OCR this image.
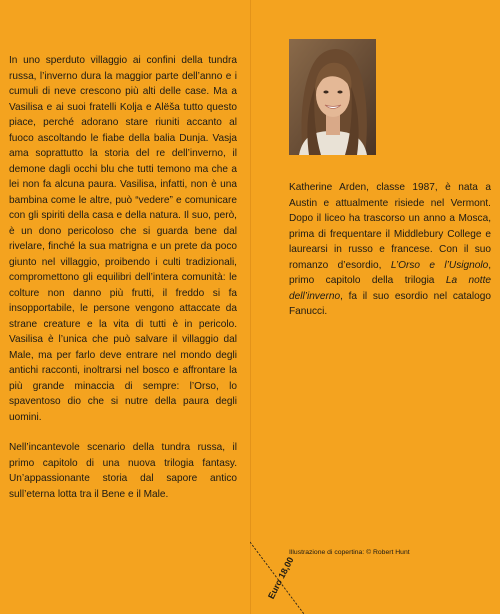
In uno sperduto villaggio ai confini della tundra russa, l’inverno dura la maggior parte dell’anno e i cumuli di neve crescono più alti delle case. Ma a Vasilisa e ai suoi fratelli Kolja e Alëša tutto questo piace, perché adorano stare riuniti accanto al fuoco ascoltando le fiabe della balia Dunja. Vasja ama soprattutto la storia del re dell’inverno, il demone dagli occhi blu che tutti temono ma che a lei non fa alcuna paura. Vasilisa, infatti, non è una bambina come le altre, può “vedere” e comunicare con gli spiriti della casa e della natura. Il suo, però, è un dono pericoloso che si guarda bene dal rivelare, finché la sua matrigna e un prete da poco giunto nel villaggio, proibendo i culti tradizionali, compromettono gli equilibri dell’intera comunità: le colture non danno più frutti, il freddo si fa insopportabile, le persone vengono attaccate da strane creature e la vita di tutti è in pericolo. Vasilisa è l’unica che può salvare il villaggio dal Male, ma per farlo deve entrare nel mondo degli antichi racconti, inoltrarsi nel bosco e affrontare la più grande minaccia di sempre: l’Orso, lo spaventoso dio che si nutre della paura degli uomini.

Nell’incantevole scenario della tundra russa, il primo capitolo di una nuova trilogia fantasy. Un’appassionante storia dal sapore antico sull’eterna lotta tra il Bene e il Male.

Katherine Arden, classe 1987, è nata a Austin e attualmente risiede nel Vermont. Dopo il liceo ha trascorso un anno a Mosca, prima di frequentare il Middlebury College e laurearsi in russo e francese. Con il suo romanzo d’esordio, L’Orso e l’Usignolo, primo capitolo della trilogia La notte dell’inverno, fa il suo esordio nel catalogo Fanucci.

Illustrazione di copertina: © Robert Hunt
Euro 18,00
